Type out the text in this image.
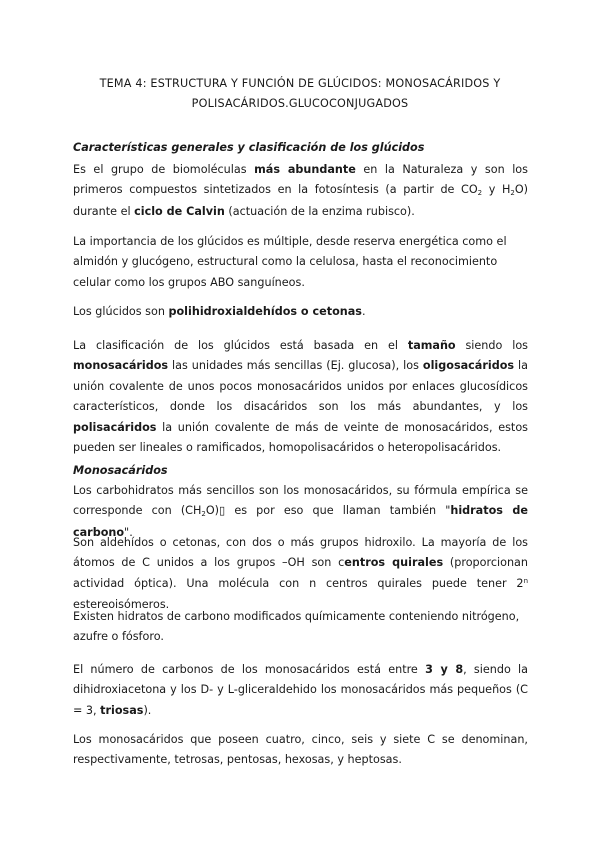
TEMA 4: ESTRUCTURA Y FUNCIÓN DE GLÚCIDOS: MONOSACÁRIDOS Y
POLISACÁRIDOS.GLUCOCONJUGADOS
Características generales y clasificación de los glúcidos
Es el grupo de biomoléculas más abundante en la Naturaleza y son los primeros compuestos sintetizados en la fotosíntesis (a partir de $CO_2$ y $H_2O$) durante el ciclo de Calvin (actuación de la enzima rubisco).
La importancia de los glúcidos es múltiple, desde reserva energética como el almidón y glucógeno, estructural como la celulosa, hasta el reconocimiento celular como los grupos ABO sanguíneos.
Los glúcidos son polihidroxialdehídos o cetonas.
La clasificación de los glúcidos está basada en el tamaño siendo los monosacáridos las unidades más sencillas (Ej. glucosa), los oligosacáridos la unión covalente de unos pocos monosacáridos unidos por enlaces glucosídicos característicos, donde los disacáridos son los más abundantes, y los polisacáridos la unión covalente de más de veinte de monosacáridos, estos pueden ser lineales o ramificados, homopolisacáridos o heteropolisacáridos.
Monosacáridos
Los carbohidratos más sencillos son los monosacáridos, su fórmula empírica se corresponde con $(CH_2O)▯$ es por eso que llaman también "hidratos de carbono".
Son aldehídos o cetonas, con dos o más grupos hidroxilo. La mayoría de los átomos de C unidos a los grupos –OH son centros quirales (proporcionan actividad óptica). Una molécula con n centros quirales puede tener 2$^n$ estereoisómeros.
Existen hidratos de carbono modificados químicamente conteniendo nitrógeno, azufre o fósforo.
El número de carbonos de los monosacáridos está entre 3 y 8, siendo la dihidroxiacetona y los D- y L-gliceraldehido los monosacáridos más pequeños (C = 3, triosas).
Los monosacáridos que poseen cuatro, cinco, seis y siete C se denominan, respectivamente, tetrosas, pentosas, hexosas, y heptosas.
